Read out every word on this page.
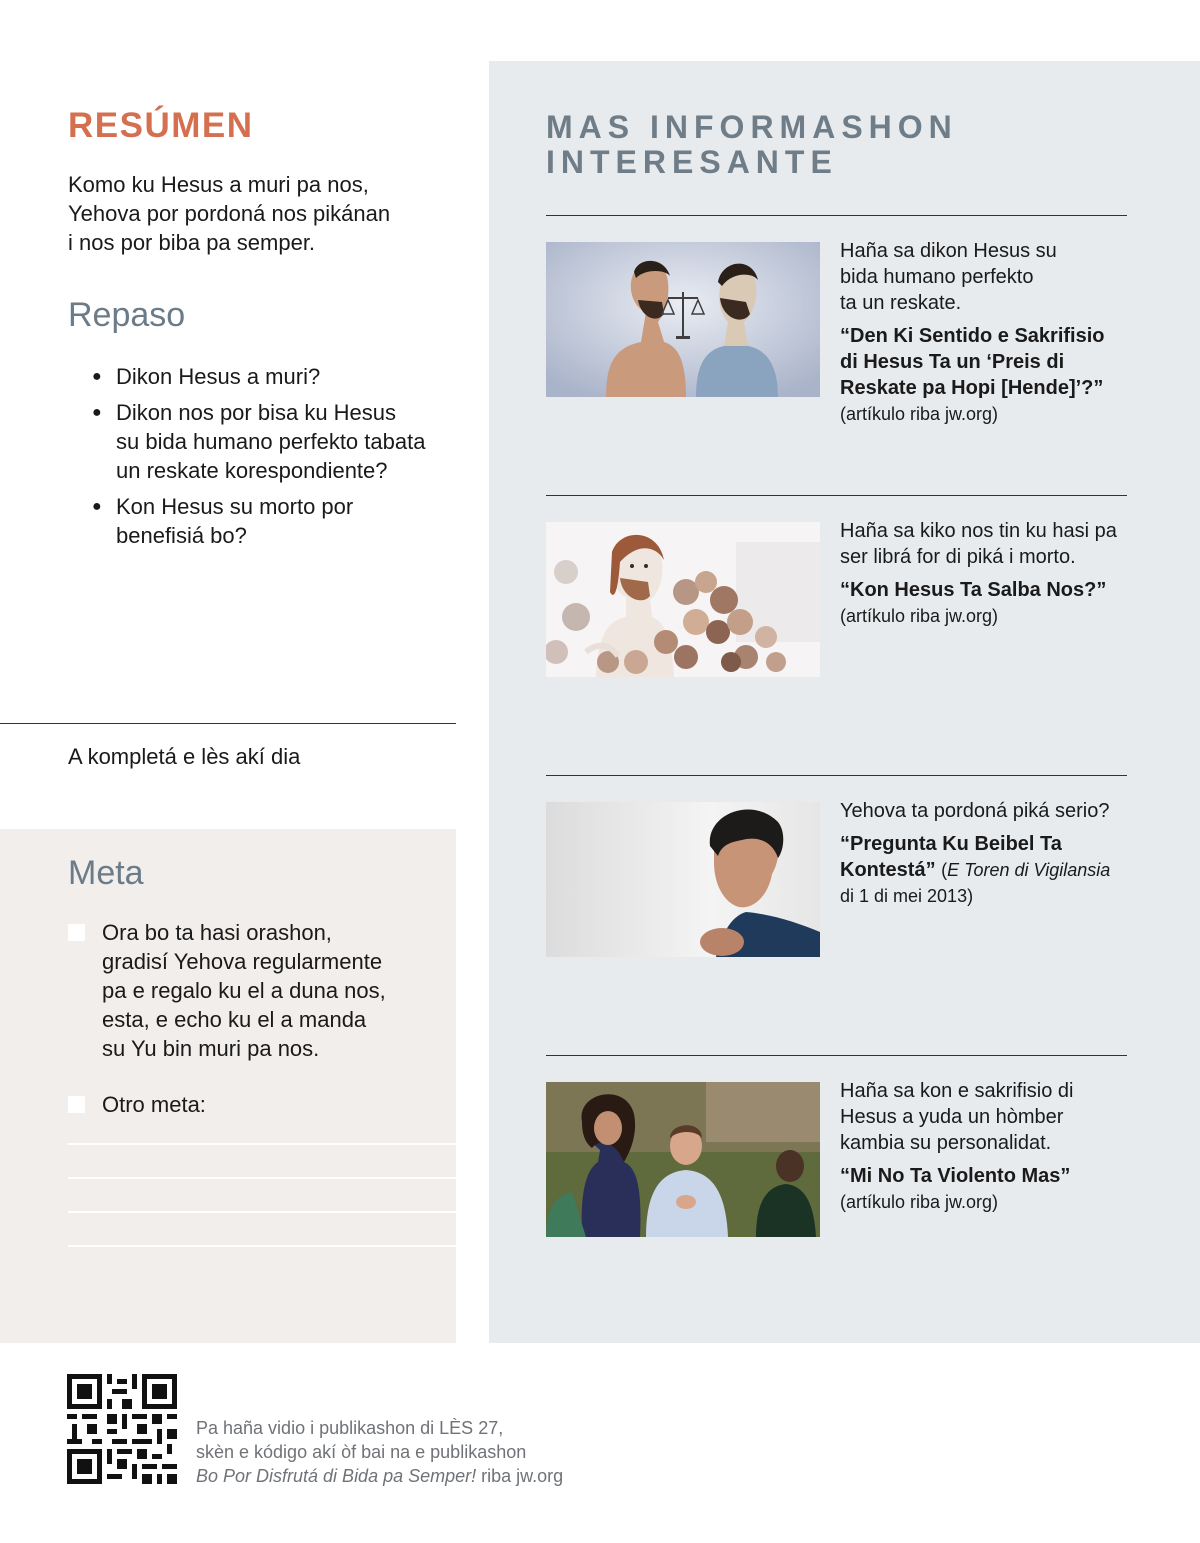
RESÚMEN
Komo ku Hesus a muri pa nos,
Yehova por pordoná nos pikánan
i nos por biba pa semper.
Repaso
● Dikon Hesus a muri?
● Dikon nos por bisa ku Hesus
su bida humano perfekto tabata
un reskate korespondiente?
● Kon Hesus su morto por
benefisiá bo?
A kompletá e lès akí dia
Meta
Ora bo ta hasi orashon,
gradisí Yehova regularmente
pa e regalo ku el a duna nos,
esta, e echo ku el a manda
su Yu bin muri pa nos.
Otro meta:
MAS INFORMASHON
INTERESANTE
Haña sa dikon Hesus su
bida humano perfekto
ta un reskate.
“Den Ki Sentido e Sakrifisio
di Hesus Ta un ‘Preis di
Reskate pa Hopi [Hende]’?”
(artíkulo riba jw.org)
Haña sa kiko nos tin ku hasi pa
ser librá for di piká i morto.
“Kon Hesus Ta Salba Nos?”
(artíkulo riba jw.org)
Yehova ta pordoná piká serio?
“Pregunta Ku Beibel Ta
Kontestá” (E Toren di Vigilansia
di 1 di mei 2013)
Haña sa kon e sakrifisio di
Hesus a yuda un hòmber
kambia su personalidat.
“Mi No Ta Violento Mas”
(artíkulo riba jw.org)
Pa haña vidio i publikashon di LÈS 27,
skèn e kódigo akí òf bai na e publikashon
Bo Por Disfrutá di Bida pa Semper! riba jw.org
